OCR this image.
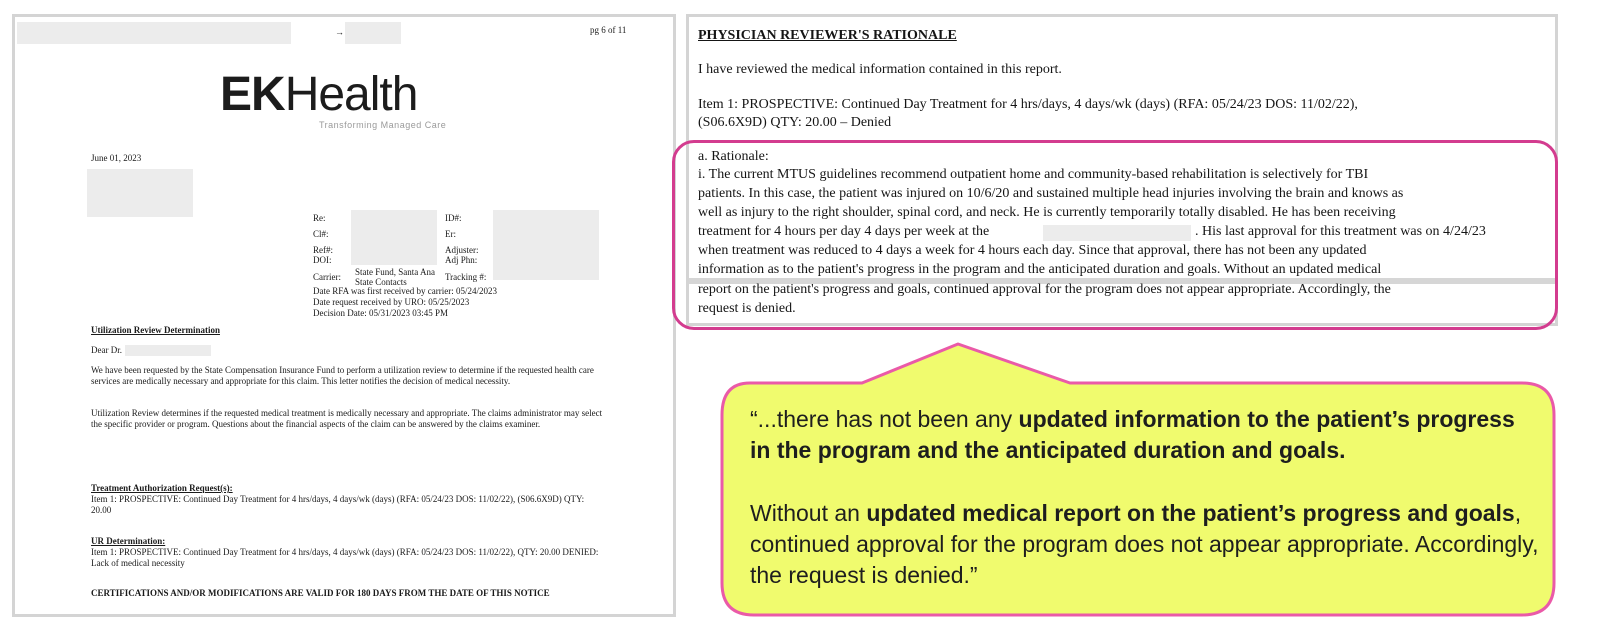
→	pg 6 of 11
EKHealth
Transforming Managed Care
June 01, 2023
Re:
Cl#:
Ref#:
DOI:
Carrier: State Fund, Santa Ana
State Contacts
ID#:
Er:
Adjuster:
Adj Phn:
Tracking #:
Date RFA was first received by carrier: 05/24/2023
Date request received by URO: 05/25/2023
Decision Date: 05/31/2023 03:45 PM
Utilization Review Determination
Dear Dr.
We have been requested by the State Compensation Insurance Fund to perform a utilization review to determine if the requested health care services are medically necessary and appropriate for this claim. This letter notifies the decision of medical necessity.
Utilization Review determines if the requested medical treatment is medically necessary and appropriate. The claims administrator may select the specific provider or program. Questions about the financial aspects of the claim can be answered by the claims examiner.
Treatment Authorization Request(s):
Item 1: PROSPECTIVE: Continued Day Treatment for 4 hrs/days, 4 days/wk (days) (RFA: 05/24/23 DOS: 11/02/22), (S06.6X9D) QTY: 20.00
UR Determination:
Item 1: PROSPECTIVE: Continued Day Treatment for 4 hrs/days, 4 days/wk (days) (RFA: 05/24/23 DOS: 11/02/22), QTY: 20.00 DENIED: Lack of medical necessity
CERTIFICATIONS AND/OR MODIFICATIONS ARE VALID FOR 180 DAYS FROM THE DATE OF THIS NOTICE
PHYSICIAN REVIEWER'S RATIONALE
I have reviewed the medical information contained in this report.
Item 1: PROSPECTIVE: Continued Day Treatment for 4 hrs/days, 4 days/wk (days) (RFA: 05/24/23 DOS: 11/02/22),
(S06.6X9D) QTY: 20.00 – Denied
a. Rationale:
i. The current MTUS guidelines recommend outpatient home and community-based rehabilitation is selectively for TBI
patients. In this case, the patient was injured on 10/6/20 and sustained multiple head injuries involving the brain and knows as
well as injury to the right shoulder, spinal cord, and neck. He is currently temporarily totally disabled. He has been receiving
treatment for 4 hours per day 4 days per week at the	. His last approval for this treatment was on 4/24/23
when treatment was reduced to 4 days a week for 4 hours each day. Since that approval, there has not been any updated
information as to the patient's progress in the program and the anticipated duration and goals. Without an updated medical
report on the patient's progress and goals, continued approval for the program does not appear appropriate. Accordingly, the
request is denied.

“...there has not been any updated information to the patient’s progress in the program and the anticipated duration and goals.

Without an updated medical report on the patient’s progress and goals, continued approval for the program does not appear appropriate. Accordingly, the request is denied.”
